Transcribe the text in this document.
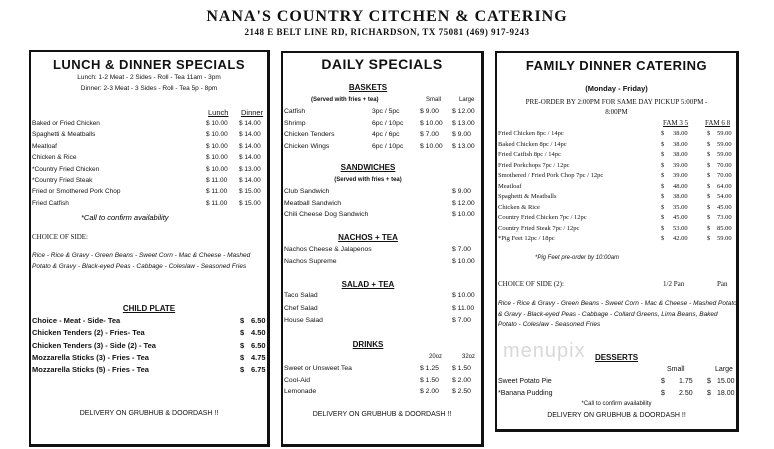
NANA'S COUNTRY CITCHEN & CATERING
2148 E BELT LINE RD, RICHARDSON, TX 75081 (469) 917-9243
LUNCH & DINNER SPECIALS
Lunch: 1-2 Meat - 2 Sides - Roll - Tea 11am - 3pm
Dinner: 2-3 Meat - 3 Sides - Roll - Tea 5p - 8pm
Lunch Dinner
Baked or Fried Chicken	$ 10.00 $ 14.00
Spaghetti & Meatballs	$ 10.00 $ 14.00
Meatloaf	$ 10.00 $ 14.00
Chicken & Rice	$ 10.00 $ 14.00
*Country Fried Chicken	$ 10.00 $ 13.00
*Country Fried Steak	$ 11.00 $ 14.00
Fried or Smothered Pork Chop	$ 11.00 $ 15.00
Fried Catfish	$ 11.00 $ 15.00
*Call to confirm availability
CHOICE OF SIDE:
Rice - Rice & Gravy - Green Beans - Sweet Corn - Mac & Cheese - Mashed Potato & Gravy - Black-eyed Peas - Cabbage - Coleslaw - Seasoned Fries
CHILD PLATE
Choice - Meat - Side- Tea	$ 6.50
Chicken Tenders (2) - Fries- Tea	$ 4.50
Chicken Tenders (3) - Side (2) - Tea	$ 6.50
Mozzarella Sticks (3) - Fries - Tea	$ 4.75
Mozzarella Sticks (5) - Fries - Tea	$ 6.75
DELIVERY ON GRUBHUB & DOORDASH !!
DAILY SPECIALS
BASKETS
(Served with fries + tea)	Small	Large
Catfish	3pc / 5pc	$ 9.00 $ 12.00
Shrimp	6pc / 10pc $ 10.00 $ 13.00
Chicken Tenders	4pc / 6pc	$ 7.00 $ 9.00
Chicken Wings	6pc / 10pc $ 10.00 $ 13.00
SANDWICHES
(Served with fries + tea)
Club Sandwich	$ 9.00
Meatball Sandwich	$ 12.00
Chili Cheese Dog Sandwich	$ 10.00
NACHOS + TEA
Nachos Cheese & Jalapenos	$ 7.00
Nachos Supreme	$ 10.00
SALAD + TEA
Taco Salad	$ 10.00
Chef Salad	$ 11.00
House Salad	$ 7.00
DRINKS
20oz	32oz
Sweet or Unsweet Tea	$ 1.25 $ 1.50
Cool-Aid	$ 1.50 $ 2.00
Lemonade	$ 2.00 $ 2.50
DELIVERY ON GRUBHUB & DOORDASH !!
FAMILY DINNER CATERING
(Monday - Friday)
PRE-ORDER BY 2:00PM FOR SAME DAY PICKUP 5:00PM -
8:00PM
FAM 3 5 FAM 6 8
Fried Chicken 8pc / 14pc	$ 38.00	$ 59.00
Baked Chicken 8pc / 14pc	$ 38.00	$ 59.00
Fried Catfish 8pc / 14pc	$ 38.00	$ 59.00
Fried Porkchops 7pc / 12pc	$ 39.00	$ 70.00
Smothered / Fried Pork Chop 7pc / 12pc	$ 39.00	$ 70.00
Meatloaf	$ 48.00	$ 64.00
Spaghetti & Meatballs	$ 38.00	$ 54.00
Chicken & Rice	$ 35.00	$ 45.00
Country Fried Chicken 7pc / 12pc	$ 45.00	$ 73.00
Country Fried Steak 7pc / 12pc	$ 53.00	$ 85.00
*Pig Feet 12pc / 18pc	$ 42.00	$ 59.00
*Pig Feet pre-order by 10:00am
CHOICE OF SIDE (2):	1/2 Pan	Pan
Rice - Rice & Gravy - Green Beans - Sweet Corn - Mac & Cheese - Mashed Potato & Gravy - Black-eyed Peas - Cabbage - Collard Greens, Lima Beans, Baked Potato - Coleslaw - Seasoned Fries
DESSERTS
Small	Large
Sweet Potato Pie	$ 1.75 $ 15.00
*Banana Pudding	$ 2.50 $ 18.00
*Call to confirm availability
DELIVERY ON GRUBHUB & DOORDASH !!
menupix
